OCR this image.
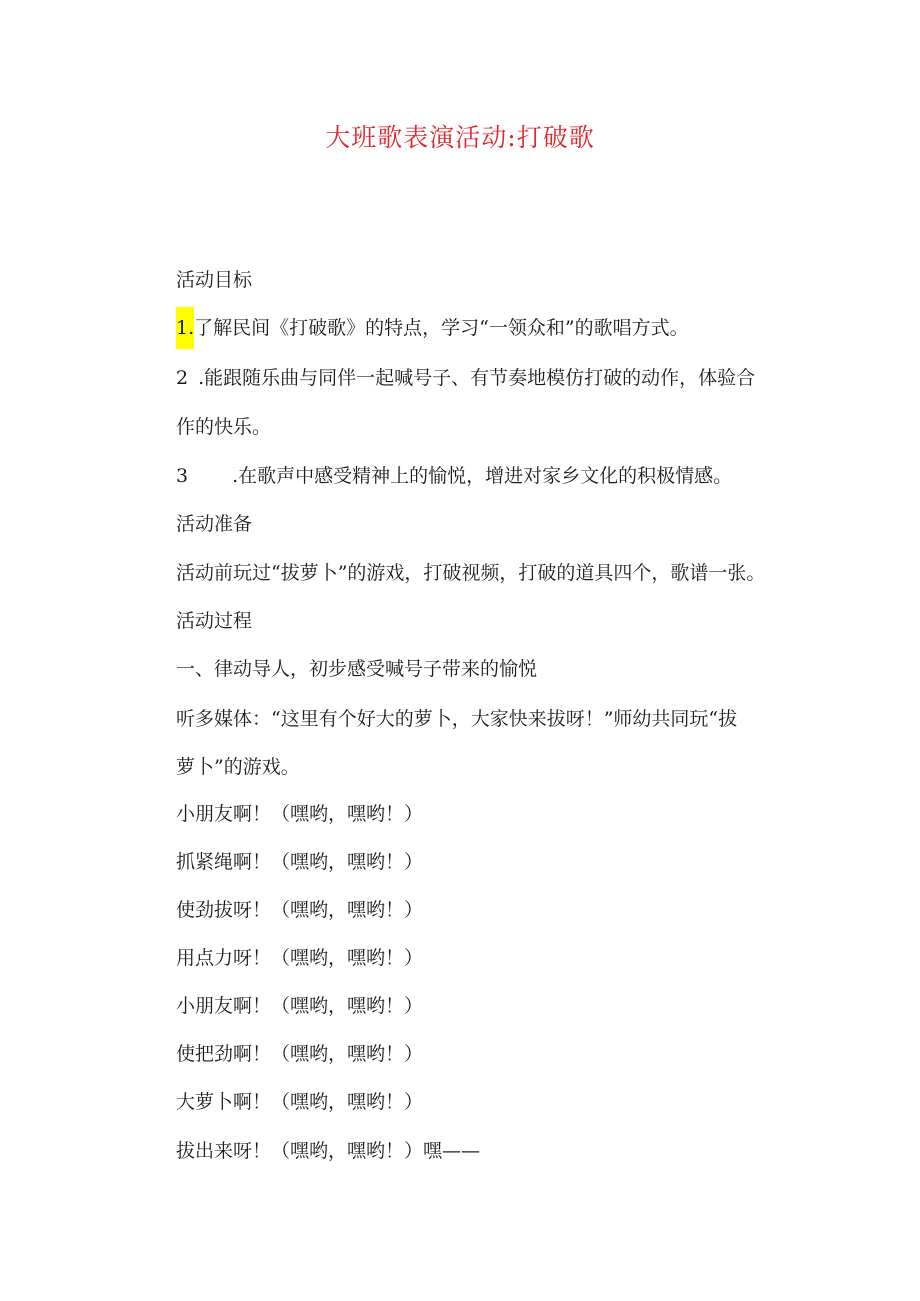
大班歌表演活动:打破歌
活动目标
1.了解民间《打破歌》的特点，学习“一领众和”的歌唱方式。
2 .能跟随乐曲与同伴一起喊号子、有节奏地模仿打破的动作，体验合
作的快乐。
3 .在歌声中感受精神上的愉悦，增进对家乡文化的积极情感。
活动准备
活动前玩过“拔萝卜”的游戏，打破视频，打破的道具四个，歌谱一张。
活动过程
一、律动导人，初步感受喊号子带来的愉悦
听多媒体：“这里有个好大的萝卜，大家快来拔呀！”师幼共同玩“拔
萝卜”的游戏。
小朋友啊！（嘿哟，嘿哟！）
抓紧绳啊！（嘿哟，嘿哟！）
使劲拔呀！（嘿哟，嘿哟！）
用点力呀！（嘿哟，嘿哟！）
小朋友啊！（嘿哟，嘿哟！）
使把劲啊！（嘿哟，嘿哟！）
大萝卜啊！（嘿哟，嘿哟！）
拔出来呀！（嘿哟，嘿哟！）嘿——
